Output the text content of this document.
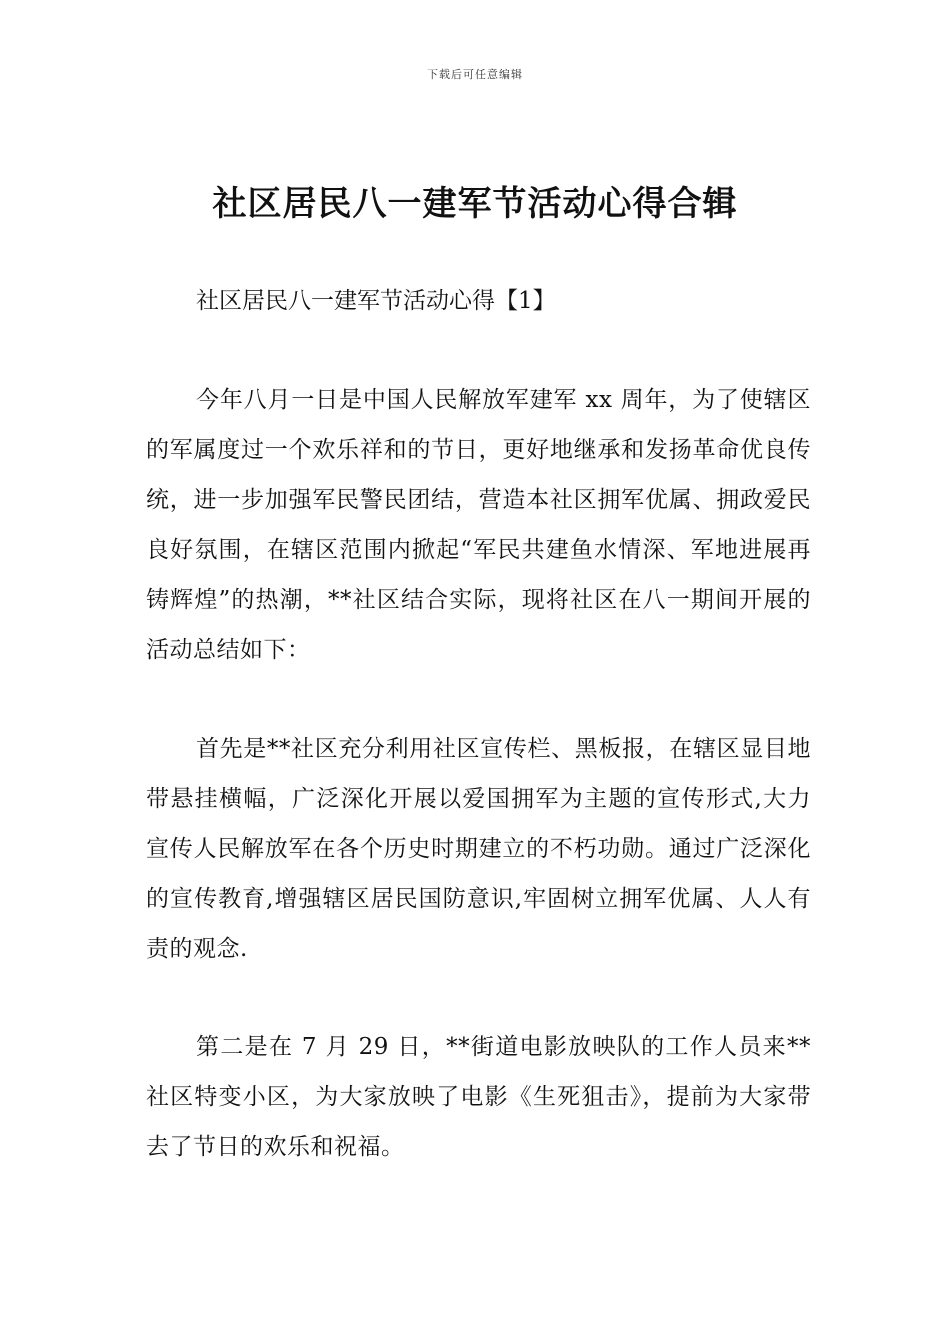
下载后可任意编辑
社区居民八一建军节活动心得合辑

社区居民八一建军节活动心得【1】

今年八月一日是中国人民解放军建军 xx 周年，为了使辖区的军属度过一个欢乐祥和的节日，更好地继承和发扬革命优良传统，进一步加强军民警民团结，营造本社区拥军优属、拥政爱民良好氛围，在辖区范围内掀起“军民共建鱼水情深、军地进展再铸辉煌”的热潮，**社区结合实际，现将社区在八一期间开展的活动总结如下：

首先是**社区充分利用社区宣传栏、黑板报，在辖区显目地带悬挂横幅，广泛深化开展以爱国拥军为主题的宣传形式,大力宣传人民解放军在各个历史时期建立的不朽功勋。通过广泛深化的宣传教育,增强辖区居民国防意识,牢固树立拥军优属、人人有责的观念.

第二是在 7 月 29 日，**街道电影放映队的工作人员来**社区特变小区，为大家放映了电影《生死狙击》，提前为大家带去了节日的欢乐和祝福。
